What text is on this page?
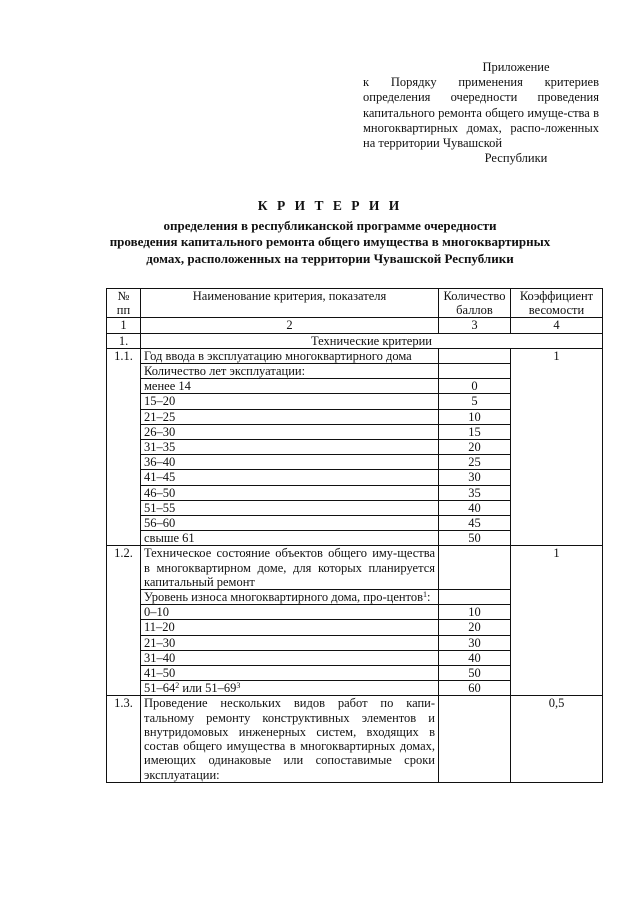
Приложение
к Порядку применения критериев определения очередности проведения капитального ремонта общего имуще-ства в многоквартирных домах, распо-ложенных на территории Чувашской
Республики
К Р И Т Е Р И И
определения в республиканской программе очередности
проведения капитального ремонта общего имущества в многоквартирных
домах, расположенных на территории Чувашской Республики
№ пп	Наименование критерия, показателя	Количество баллов	Коэффициент весомости
1	2	3	4
1.	Технические критерии		
1.1.	Год ввода в эксплуатацию многоквартирного дома		1
	Количество лет эксплуатации:		
	менее 14	0	
	15–20	5	
	21–25	10	
	26–30	15	
	31–35	20	
	36–40	25	
	41–45	30	
	46–50	35	
	51–55	40	
	56–60	45	
	свыше 61	50	
1.2.	Техническое состояние объектов общего иму-щества в многоквартирном доме, для которых планируется капитальный ремонт		1
	Уровень износа многоквартирного дома, про-центов$^1$:		
	0–10	10	
	11–20	20	
	21–30	30	
	31–40	40	
	41–50	50	
	$51-64^2$ или $51-69^3$	60	
1.3.	Проведение нескольких видов работ по капи-тальному ремонту конструктивных элементов и внутридомовых инженерных систем, входящих в состав общего имущества в многоквартирных домах, имеющих одинаковые или сопоставимые сроки эксплуатации:		0,5
